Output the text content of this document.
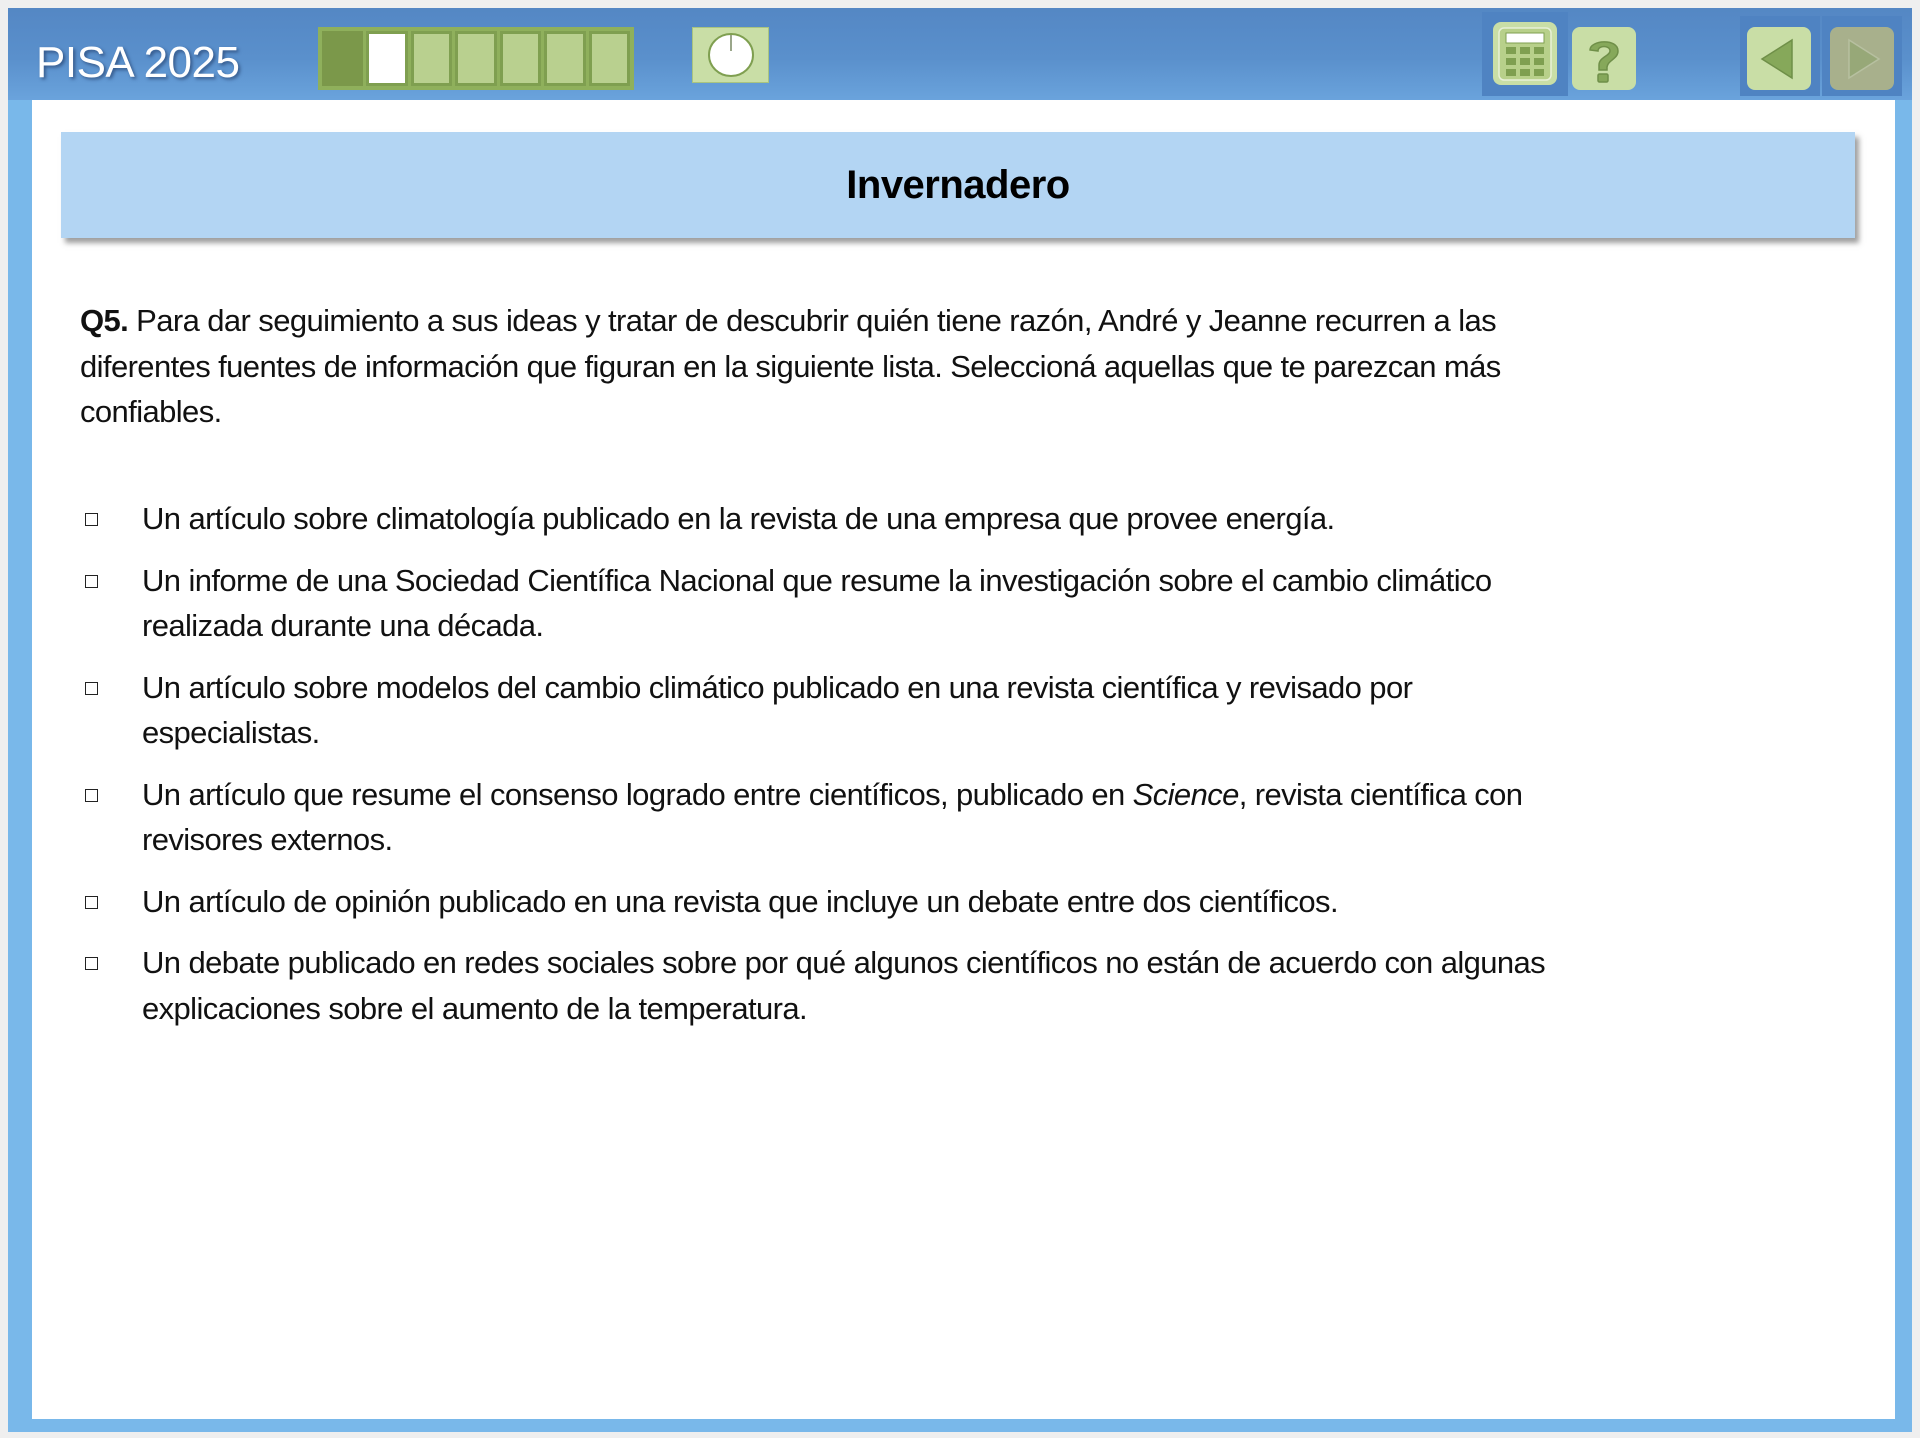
PISA 2025
Invernadero
Q5. Para dar seguimiento a sus ideas y tratar de descubrir quién tiene razón, André y Jeanne recurren a las
diferentes fuentes de información que figuran en la siguiente lista. Seleccioná aquellas que te parezcan más
confiables.
Un artículo sobre climatología publicado en la revista de una empresa que provee energía.
Un informe de una Sociedad Científica Nacional que resume la investigación sobre el cambio climático
realizada durante una década.
Un artículo sobre modelos del cambio climático publicado en una revista científica y revisado por
especialistas.
Un artículo que resume el consenso logrado entre científicos, publicado en Science, revista científica con
revisores externos.
Un artículo de opinión publicado en una revista que incluye un debate entre dos científicos.
Un debate publicado en redes sociales sobre por qué algunos científicos no están de acuerdo con algunas
explicaciones sobre el aumento de la temperatura.
